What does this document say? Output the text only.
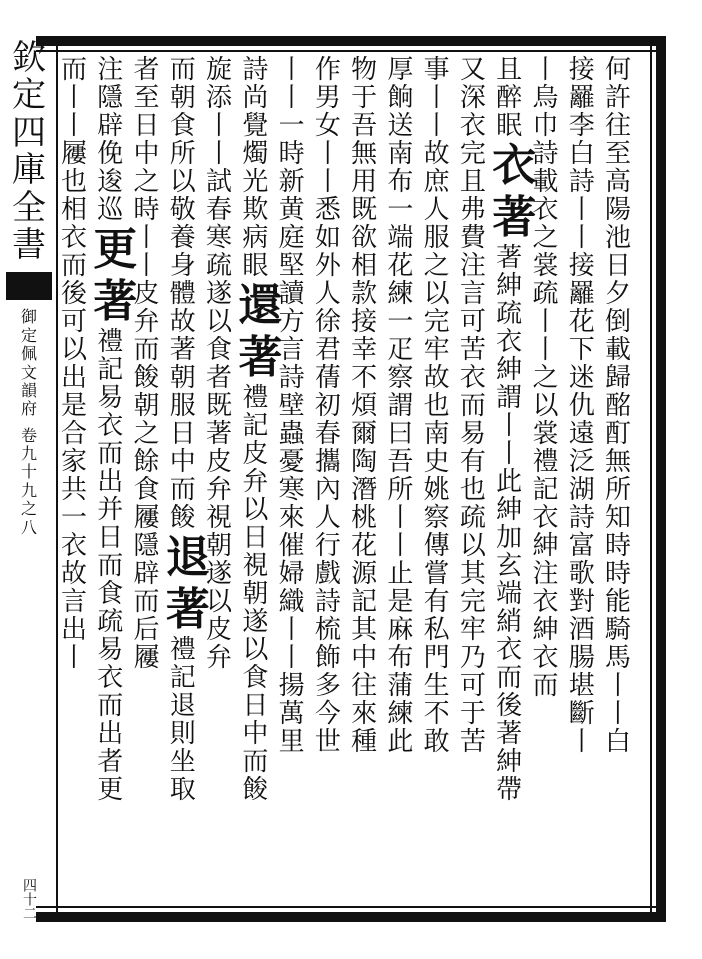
欽
定
四
庫
全
書
御
定
佩
文
韻
府
卷
九
十
九
之
八
四十二
何
許
往
至
高
陽
池
日
夕
倒
載
歸
酩
酊
無
所
知
時
時
能
騎
馬
丨
丨
白
接
䍦
李
白
詩
丨
丨
接
䍦
花
下
迷
仇
遠
泛
湖
詩
富
歌
對
酒
腸
堪
斷
丨
丨
烏
巾
詩
載
衣
之
裳
疏
丨
丨
之
以
裳
禮
記
衣
紳
注
衣
紳
衣
而
且
醉
眠
衣
著
著
紳
疏
衣
紳
謂
丨
丨
此
紳
加
玄
端
綃
衣
而
後
著
紳
帶
又
深
衣
完
且
弗
費
注
言
可
苦
衣
而
易
有
也
疏
以
其
完
牢
乃
可
于
苦
事
丨
丨
故
庶
人
服
之
以
完
牢
故
也
南
史
姚
察
傳
嘗
有
私
門
生
不
敢
厚
餉
送
南
布
一
端
花
練
一
疋
察
謂
曰
吾
所
丨
丨
止
是
麻
布
蒲
練
此
物
于
吾
無
用
既
欲
相
款
接
幸
不
煩
爾
陶
潛
桃
花
源
記
其
中
往
來
種
作
男
女
丨
丨
悉
如
外
人
徐
君
蒨
初
春
攜
內
人
行
戲
詩
梳
飾
多
今
世
丨
丨
一
時
新
黄
庭
堅
讀
方
言
詩
壁
蟲
憂
寒
來
催
婦
織
丨
丨
揚
萬
里
詩
尚
覺
燭
光
欺
病
眼
還
著
禮
記
皮
弁
以
日
視
朝
遂
以
食
日
中
而
餕
旋
添
丨
丨
試
春
寒
疏
遂
以
食
者
既
著
皮
弁
視
朝
遂
以
皮
弁
而
朝
食
所
以
敬
養
身
體
故
著
朝
服
日
中
而
餕
退
著
禮
記
退
則
坐
取
者
至
日
中
之
時
丨
丨
皮
弁
而
餕
朝
之
餘
食
屨
隱
辟
而
后
屨
注
隱
辟
俛
逡
巡
更
著
禮
記
易
衣
而
出
并
日
而
食
疏
易
衣
而
出
者
更
而
丨
丨
屨
也
相
衣
而
後
可
以
出
是
合
家
共
一
衣
故
言
出
丨
